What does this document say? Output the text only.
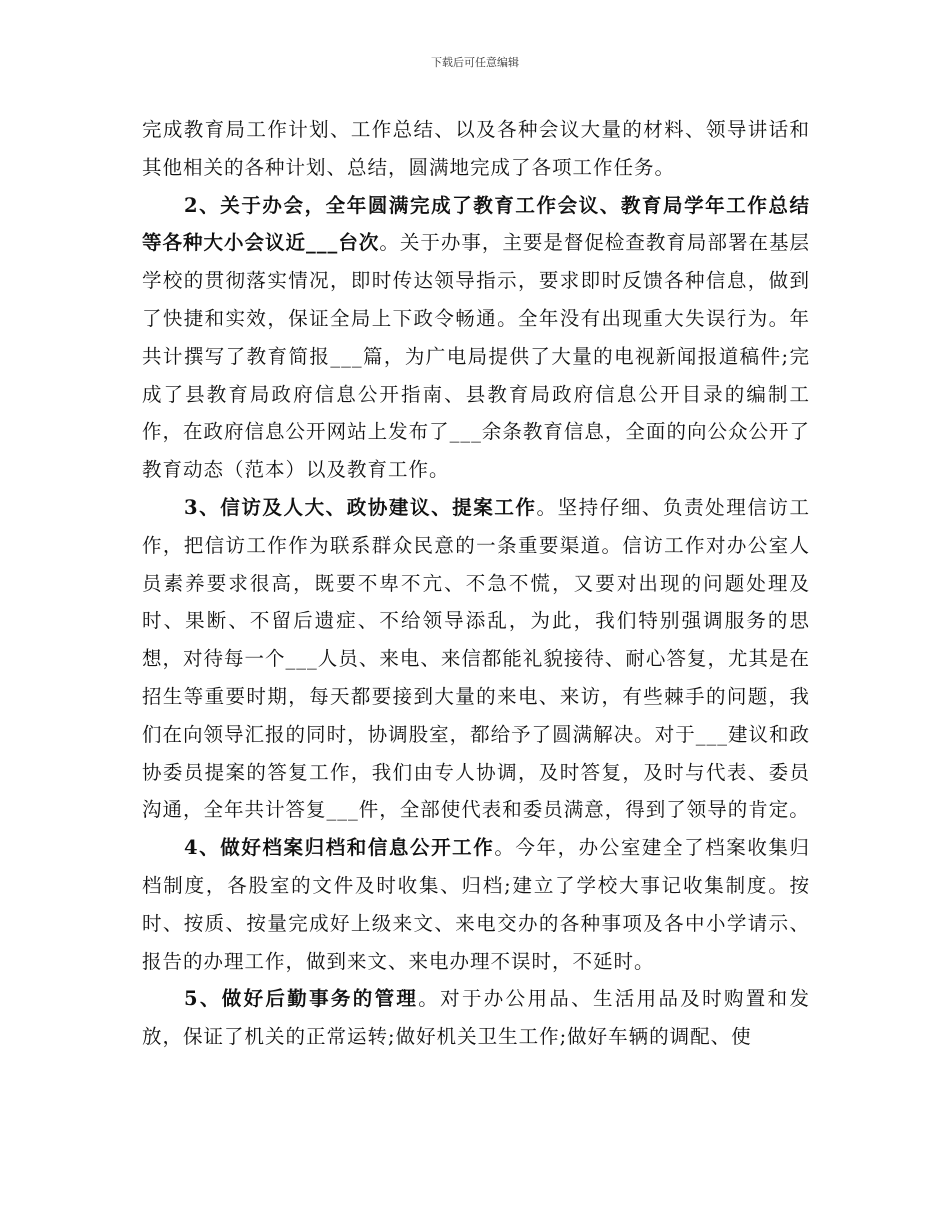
下载后可任意编辑

完成教育局工作计划、工作总结、以及各种会议大量的材料、领导讲话和其他相关的各种计划、总结，圆满地完成了各项工作任务。

2、关于办会，全年圆满完成了教育工作会议、教育局学年工作总结等各种大小会议近___台次。关于办事，主要是督促检查教育局部署在基层学校的贯彻落实情况，即时传达领导指示，要求即时反馈各种信息，做到了快捷和实效，保证全局上下政令畅通。全年没有出现重大失误行为。年共计撰写了教育简报___篇，为广电局提供了大量的电视新闻报道稿件;完成了县教育局政府信息公开指南、县教育局政府信息公开目录的编制工作，在政府信息公开网站上发布了___余条教育信息，全面的向公众公开了教育动态（范本）以及教育工作。

3、信访及人大、政协建议、提案工作。坚持仔细、负责处理信访工作，把信访工作作为联系群众民意的一条重要渠道。信访工作对办公室人员素养要求很高，既要不卑不亢、不急不慌，又要对出现的问题处理及时、果断、不留后遗症、不给领导添乱，为此，我们特别强调服务的思想，对待每一个___人员、来电、来信都能礼貌接待、耐心答复，尤其是在招生等重要时期，每天都要接到大量的来电、来访，有些棘手的问题，我们在向领导汇报的同时，协调股室，都给予了圆满解决。对于___建议和政协委员提案的答复工作，我们由专人协调，及时答复，及时与代表、委员沟通，全年共计答复___件，全部使代表和委员满意，得到了领导的肯定。

4、做好档案归档和信息公开工作。今年，办公室建全了档案收集归档制度，各股室的文件及时收集、归档;建立了学校大事记收集制度。按时、按质、按量完成好上级来文、来电交办的各种事项及各中小学请示、报告的办理工作，做到来文、来电办理不误时，不延时。

5、做好后勤事务的管理。对于办公用品、生活用品及时购置和发放，保证了机关的正常运转;做好机关卫生工作;做好车辆的调配、使
